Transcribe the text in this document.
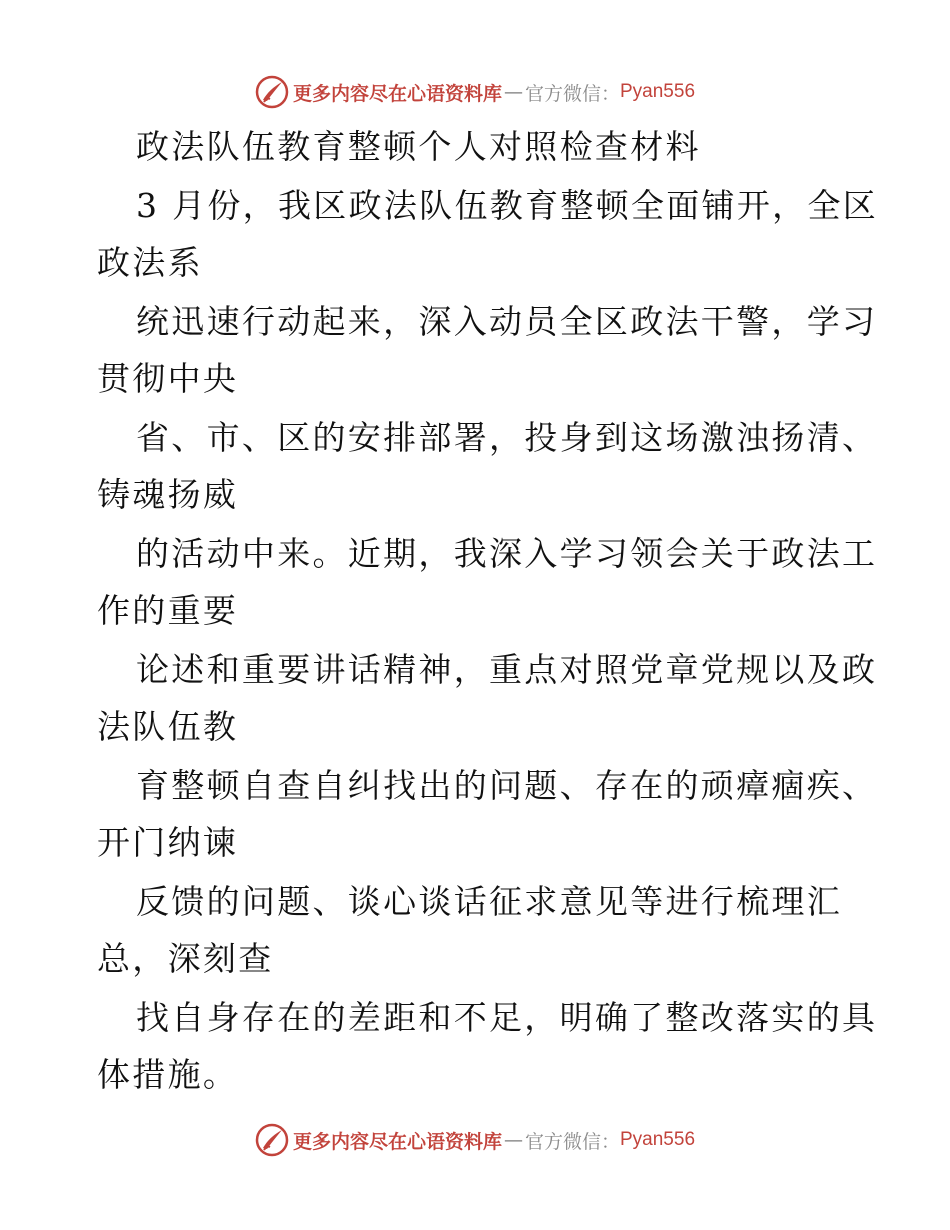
更多内容尽在心语资料库 — 官方微信： Pyan556
政法队伍教育整顿个人对照检查材料
3 月份，我区政法队伍教育整顿全面铺开，全区
政法系
统迅速行动起来，深入动员全区政法干警，学习
贯彻中央
省、市、区的安排部署，投身到这场激浊扬清、
铸魂扬威
的活动中来。近期，我深入学习领会关于政法工
作的重要
论述和重要讲话精神，重点对照党章党规以及政
法队伍教
育整顿自查自纠找出的问题、存在的顽瘴痼疾、
开门纳谏
反馈的问题、谈心谈话征求意见等进行梳理汇
总，深刻查
找自身存在的差距和不足，明确了整改落实的具
体措施。
更多内容尽在心语资料库 — 官方微信： Pyan556
